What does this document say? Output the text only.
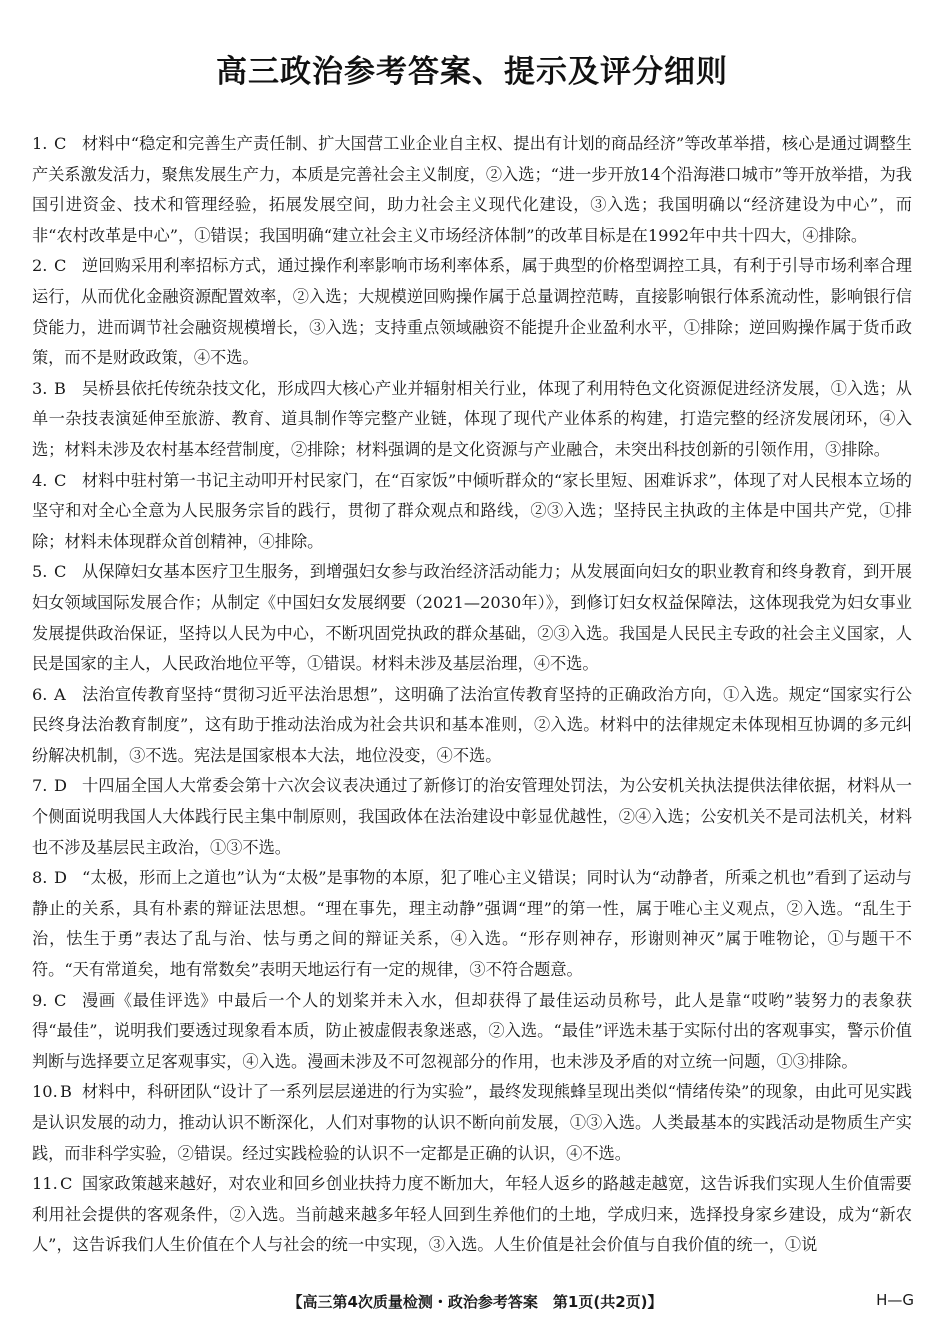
高三政治参考答案、提示及评分细则
1. C 材料中“稳定和完善生产责任制、扩大国营工业企业自主权、提出有计划的商品经济”等改革举措，核心是通过调整生产关系激发活力，聚焦发展生产力，本质是完善社会主义制度，②入选；“进一步开放14个沿海港口城市”等开放举措，为我国引进资金、技术和管理经验，拓展发展空间，助力社会主义现代化建设，③入选；我国明确以“经济建设为中心”，而非“农村改革是中心”，①错误；我国明确“建立社会主义市场经济体制”的改革目标是在1992年中共十四大，④排除。
2. C 逆回购采用利率招标方式，通过操作利率影响市场利率体系，属于典型的价格型调控工具，有利于引导市场利率合理运行，从而优化金融资源配置效率，②入选；大规模逆回购操作属于总量调控范畴，直接影响银行体系流动性，影响银行信贷能力，进而调节社会融资规模增长，③入选；支持重点领域融资不能提升企业盈利水平，①排除；逆回购操作属于货币政策，而不是财政政策，④不选。
3. B 吴桥县依托传统杂技文化，形成四大核心产业并辐射相关行业，体现了利用特色文化资源促进经济发展，①入选；从单一杂技表演延伸至旅游、教育、道具制作等完整产业链，体现了现代产业体系的构建，打造完整的经济发展闭环，④入选；材料未涉及农村基本经营制度，②排除；材料强调的是文化资源与产业融合，未突出科技创新的引领作用，③排除。
4. C 材料中驻村第一书记主动叩开村民家门，在“百家饭”中倾听群众的“家长里短、困难诉求”，体现了对人民根本立场的坚守和对全心全意为人民服务宗旨的践行，贯彻了群众观点和路线，②③入选；坚持民主执政的主体是中国共产党，①排除；材料未体现群众首创精神，④排除。
5. C 从保障妇女基本医疗卫生服务，到增强妇女参与政治经济活动能力；从发展面向妇女的职业教育和终身教育，到开展妇女领域国际发展合作；从制定《中国妇女发展纲要（2021—2030年）》，到修订妇女权益保障法，这体现我党为妇女事业发展提供政治保证，坚持以人民为中心，不断巩固党执政的群众基础，②③入选。我国是人民民主专政的社会主义国家，人民是国家的主人，人民政治地位平等，①错误。材料未涉及基层治理，④不选。
6. A	法治宣传教育坚持“贯彻习近平法治思想”，这明确了法治宣传教育坚持的正确政治方向，①入选。规定“国家实行公民终身法治教育制度”，这有助于推动法治成为社会共识和基本准则，②入选。材料中的法律规定未体现相互协调的多元纠纷解决机制，③不选。宪法是国家根本大法，地位没变，④不选。
7. D 十四届全国人大常委会第十六次会议表决通过了新修订的治安管理处罚法，为公安机关执法提供法律依据，材料从一个侧面说明我国人大体践行民主集中制原则，我国政体在法治建设中彰显优越性，②④入选；公安机关不是司法机关，材料也不涉及基层民主政治，①③不选。
8. D “太极，形而上之道也”认为“太极”是事物的本原，犯了唯心主义错误；同时认为“动静者，所乘之机也”看到了运动与静止的关系，具有朴素的辩证法思想。“理在事先，理主动静”强调“理”的第一性，属于唯心主义观点，②入选。“乱生于治，怯生于勇”表达了乱与治、怯与勇之间的辩证关系，④入选。“形存则神存，形谢则神灭”属于唯物论，①与题干不符。“天有常道矣，地有常数矣”表明天地运行有一定的规律，③不符合题意。
9. C 漫画《最佳评选》中最后一个人的划桨并未入水，但却获得了最佳运动员称号，此人是靠“哎哟”装努力的表象获得“最佳”，说明我们要透过现象看本质，防止被虚假表象迷惑，②入选。“最佳”评选未基于实际付出的客观事实，警示价值判断与选择要立足客观事实，④入选。漫画未涉及不可忽视部分的作用，也未涉及矛盾的对立统一问题，①③排除。
10. B 材料中，科研团队“设计了一系列层层递进的行为实验”，最终发现熊蜂呈现出类似“情绪传染”的现象，由此可见实践是认识发展的动力，推动认识不断深化，人们对事物的认识不断向前发展，①③入选。人类最基本的实践活动是物质生产实践，而非科学实验，②错误。经过实践检验的认识不一定都是正确的认识，④不选。
11. C 国家政策越来越好，对农业和回乡创业扶持力度不断加大，年轻人返乡的路越走越宽，这告诉我们实现人生价值需要利用社会提供的客观条件，②入选。当前越来越多年轻人回到生养他们的土地，学成归来，选择投身家乡建设，成为“新农人”，这告诉我们人生价值在个人与社会的统一中实现，③入选。人生价值是社会价值与自我价值的统一，①说
【高三第4次质量检测・政治参考答案　第1页(共2页)】	H—G
